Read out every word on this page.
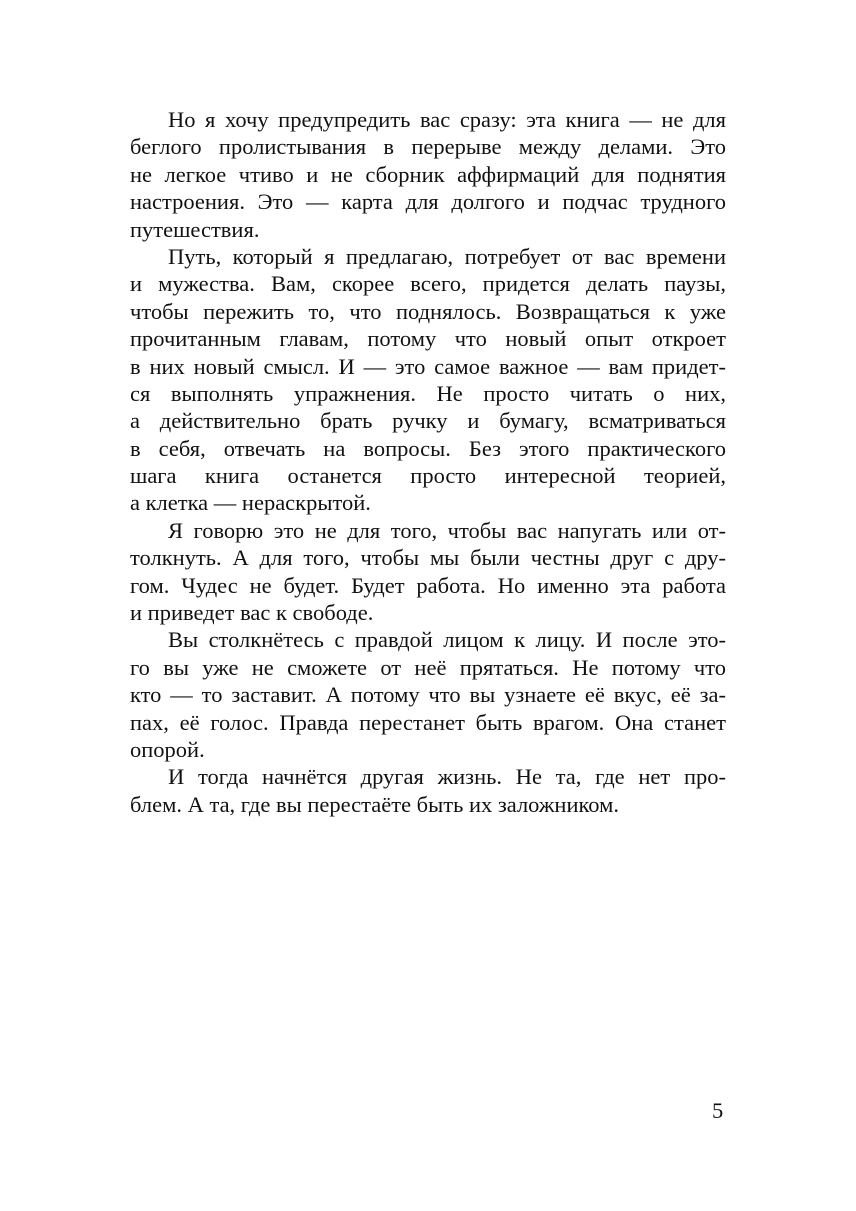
Но я хочу предупредить вас сразу: эта книга — не для
беглого пролистывания в перерыве между делами. Это
не легкое чтиво и не сборник аффирмаций для поднятия
настроения. Это — карта для долгого и подчас трудного
путешествия.

Путь, который я предлагаю, потребует от вас времени
и мужества. Вам, скорее всего, придется делать паузы,
чтобы пережить то, что поднялось. Возвращаться к уже
прочитанным главам, потому что новый опыт откроет
в них новый смысл. И — это самое важное — вам придет-
ся выполнять упражнения. Не просто читать о них,
а действительно брать ручку и бумагу, всматриваться
в себя, отвечать на вопросы. Без этого практического
шага книга останется просто интересной теорией,
а клетка — нераскрытой.

Я говорю это не для того, чтобы вас напугать или от-
толкнуть. А для того, чтобы мы были честны друг с дру-
гом. Чудес не будет. Будет работа. Но именно эта работа
и приведет вас к свободе.

Вы столкнётесь с правдой лицом к лицу. И после это-
го вы уже не сможете от неё прятаться. Не потому что
кто — то заставит. А потому что вы узнаете её вкус, её за-
пах, её голос. Правда перестанет быть врагом. Она станет
опорой.

И тогда начнётся другая жизнь. Не та, где нет про-
блем. А та, где вы перестаёте быть их заложником.

5
